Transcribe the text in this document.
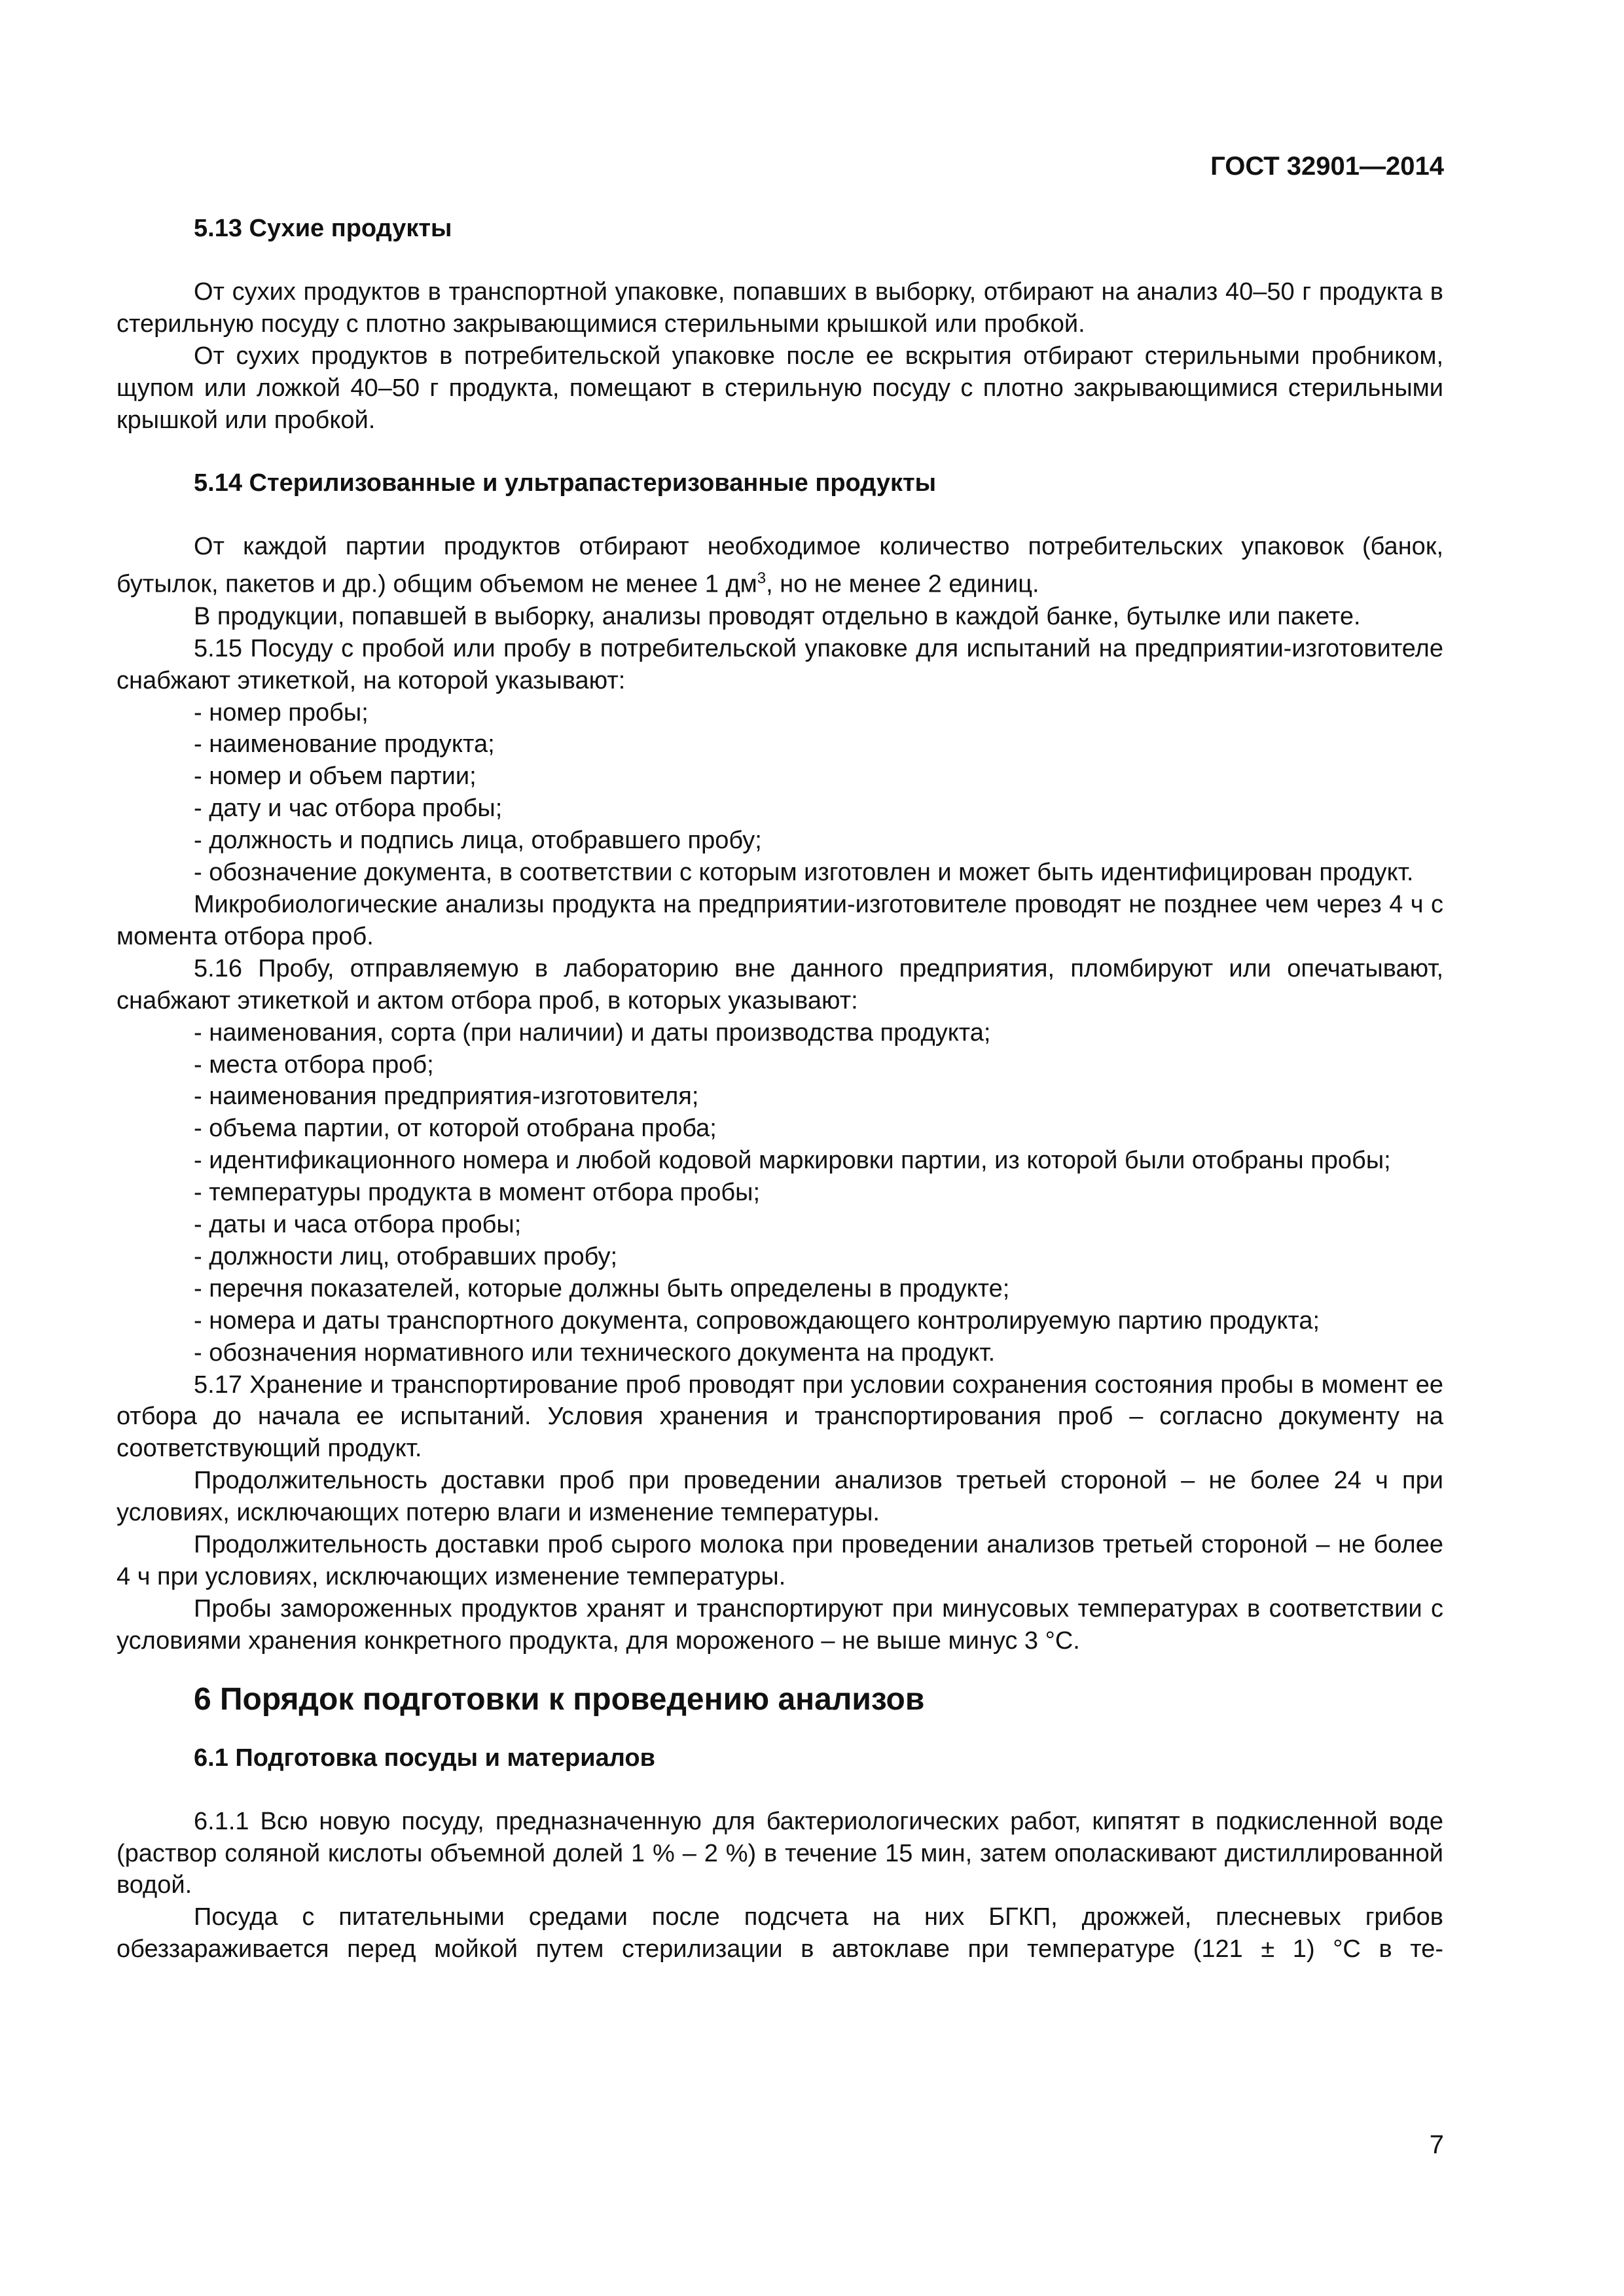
ГОСТ 32901—2014

5.13 Сухие продукты

От сухих продуктов в транспортной упаковке, попавших в выборку, отбирают на анализ 40–50 г продукта в стерильную посуду с плотно закрывающимися стерильными крышкой или пробкой.

От сухих продуктов в потребительской упаковке после ее вскрытия отбирают стерильными пробником, щупом или ложкой 40–50 г продукта, помещают в стерильную посуду с плотно закрывающимися стерильными крышкой или пробкой.

5.14 Стерилизованные и ультрапастеризованные продукты

От каждой партии продуктов отбирают необходимое количество потребительских упаковок (банок, бутылок, пакетов и др.) общим объемом не менее 1 $дм^3$, но не менее 2 единиц.

В продукции, попавшей в выборку, анализы проводят отдельно в каждой банке, бутылке или пакете.

5.15 Посуду с пробой или пробу в потребительской упаковке для испытаний на предприятии-изготовителе снабжают этикеткой, на которой указывают:

- номер пробы;

- наименование продукта;

- номер и объем партии;

- дату и час отбора пробы;

- должность и подпись лица, отобравшего пробу;

- обозначение документа, в соответствии с которым изготовлен и может быть идентифицирован продукт.

Микробиологические анализы продукта на предприятии-изготовителе проводят не позднее чем через 4 ч с момента отбора проб.

5.16 Пробу, отправляемую в лабораторию вне данного предприятия, пломбируют или опечатывают, снабжают этикеткой и актом отбора проб, в которых указывают:

- наименования, сорта (при наличии) и даты производства продукта;

- места отбора проб;

- наименования предприятия-изготовителя;

- объема партии, от которой отобрана проба;

- идентификационного номера и любой кодовой маркировки партии, из которой были отобраны пробы;

- температуры продукта в момент отбора пробы;

- даты и часа отбора пробы;

- должности лиц, отобравших пробу;

- перечня показателей, которые должны быть определены в продукте;

- номера и даты транспортного документа, сопровождающего контролируемую партию продукта;

- обозначения нормативного или технического документа на продукт.

5.17 Хранение и транспортирование проб проводят при условии сохранения состояния пробы в момент ее отбора до начала ее испытаний. Условия хранения и транспортирования проб – согласно документу на соответствующий продукт.

Продолжительность доставки проб при проведении анализов третьей стороной – не более 24 ч при условиях, исключающих потерю влаги и изменение температуры.

Продолжительность доставки проб сырого молока при проведении анализов третьей стороной – не более 4 ч при условиях, исключающих изменение температуры.

Пробы замороженных продуктов хранят и транспортируют при минусовых температурах в соответствии с условиями хранения конкретного продукта, для мороженого – не выше минус 3 °С.

6 Порядок подготовки к проведению анализов

6.1 Подготовка посуды и материалов

6.1.1 Всю новую посуду, предназначенную для бактериологических работ, кипятят в подкисленной воде (раствор соляной кислоты объемной долей 1 % – 2 %) в течение 15 мин, затем ополаскивают дистиллированной водой.

Посуда с питательными средами после подсчета на них БГКП, дрожжей, плесневых грибов обеззараживается перед мойкой путем стерилизации в автоклаве при температуре (121 ± 1) °С в те-

7
